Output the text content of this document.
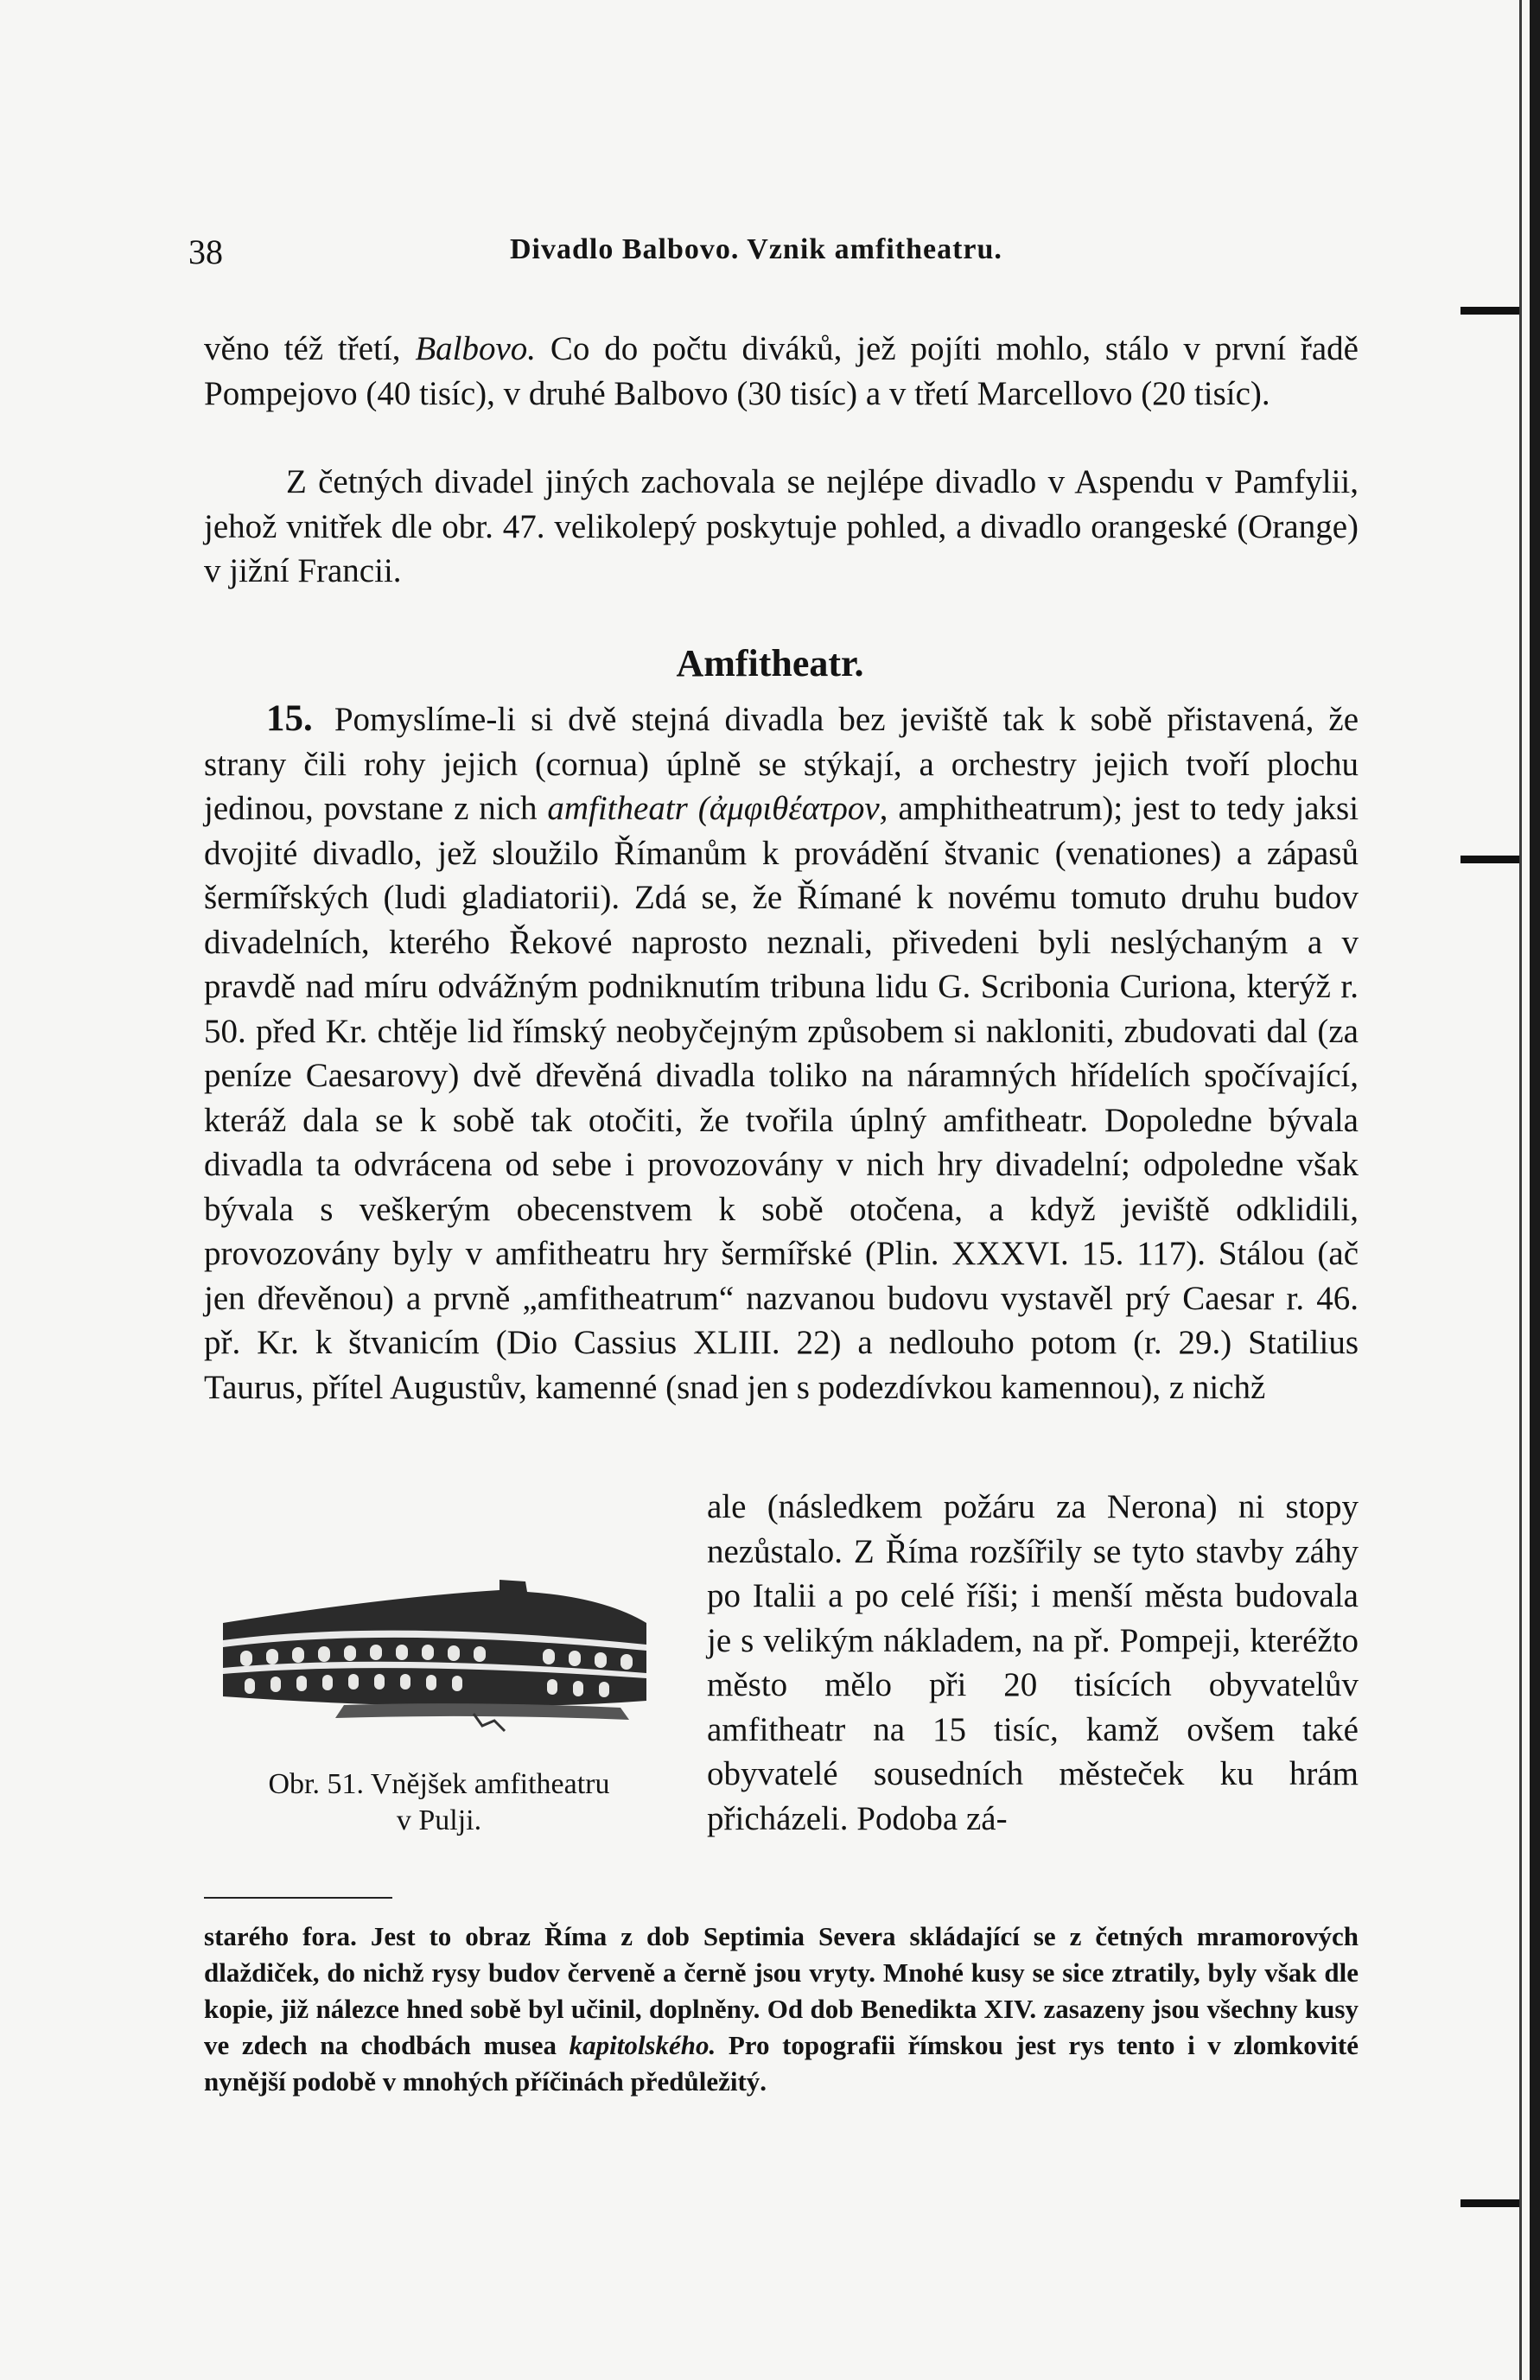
38	Divadlo Balbovo. Vznik amfitheatru.
věno též třetí, Balbovo. Co do počtu diváků, jež pojíti mohlo, stálo v první řadě Pompejovo (40 tisíc), v druhé Balbovo (30 tisíc) a v třetí Marcellovo (20 tisíc).
Z četných divadel jiných zachovala se nejlépe divadlo v Aspendu v Pamfylii, jehož vnitřek dle obr. 47. velikolepý poskytuje pohled, a divadlo orangeské (Orange) v jižní Francii.
Amfitheatr.
15. Pomyslíme-li si dvě stejná divadla bez jeviště tak k sobě přistavená, že strany čili rohy jejich (cornua) úplně se stýkají, a orchestry jejich tvoří plochu jedinou, povstane z nich amfitheatr (ἀμφιθέατρον, amphitheatrum); jest to tedy jaksi dvojité divadlo, jež sloužilo Římanům k provádění štvanic (venationes) a zápasů šermířských (ludi gladiatorii). Zdá se, že Římané k novému tomuto druhu budov divadelních, kterého Řekové naprosto neznali, přivedeni byli neslýchaným a v pravdě nad míru odvážným podniknutím tribuna lidu G. Scribonia Curiona, kterýž r. 50. před Kr. chtěje lid římský neobyčejným způsobem si nakloniti, zbudovati dal (za peníze Caesarovy) dvě dřevěná divadla toliko na náramných hřídelích spočívající, kteráž dala se k sobě tak otočiti, že tvořila úplný amfitheatr. Dopoledne bývala divadla ta odvrácena od sebe i provozovány v nich hry divadelní; odpoledne však bývala s veškerým obecenstvem k sobě otočena, a když jeviště odklidili, provozovány byly v amfitheatru hry šermířské (Plin. XXXVI. 15. 117). Stálou (ač jen dřevěnou) a prvně „amfitheatrum“ nazvanou budovu vystavěl prý Caesar r. 46. př. Kr. k štvanicím (Dio Cassius XLIII. 22) a nedlouho potom (r. 29.) Statilius Taurus, přítel Augustův, kamenné (snad jen s podezdívkou kamennou), z nichž
ale (následkem požáru za Nerona) ni stopy nezůstalo. Z Říma rozšířily se tyto stavby záhy po Italii a po celé říši; i menší města budovala je s velikým nákladem, na př. Pompeji, kteréžto město mělo při 20 tisících obyvatelův amfitheatr na 15 tisíc, kamž ovšem také obyvatelé sousedních městeček ku hrám přicházeli. Podoba zá-
Obr. 51. Vnějšek amfitheatru
v Pulji.
starého fora. Jest to obraz Říma z dob Septimia Severa skládající se z četných mramorových dlaždiček, do nichž rysy budov červeně a černě jsou vryty. Mnohé kusy se sice ztratily, byly však dle kopie, již nálezce hned sobě byl učinil, doplněny. Od dob Benedikta XIV. zasazeny jsou všechny kusy ve zdech na chodbách musea kapitolského. Pro topografii římskou jest rys tento i v zlomkovité nynější podobě v mnohých příčinách předůležitý.
